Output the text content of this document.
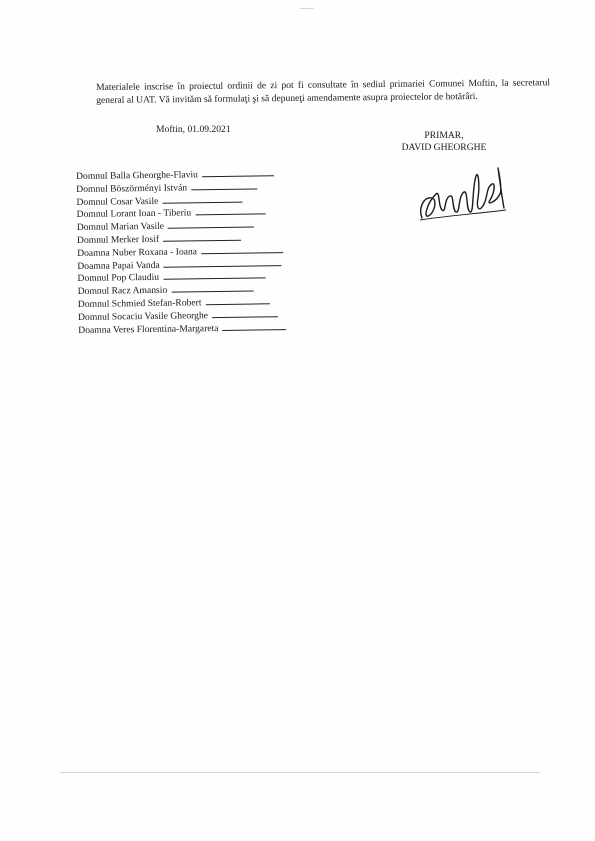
Materialele inscrise în proiectul ordinii de zi pot fi consultate în sediul primariei Comunei Moftin, la secretarul general al UAT. Vă invităm să formulaţi şi să depuneţi amendamente asupra proiectelor de hotărâri.
Moftin, 01.09.2021
PRIMAR,
DAVID GHEORGHE
Domnul Balla Gheorghe-Flaviu
Domnul Böszörményi István
Domnul Cosar Vasile
Domnul Lorant Ioan - Tiberiu
Domnul Marian Vasile
Domnul Merker Iosif
Doamna Nuber Roxana - Ioana
Doamna Papai Vanda
Domnul Pop Claudiu
Domnul Racz Amansio
Domnul Schmied Stefan-Robert
Domnul Socaciu Vasile Gheorghe
Doamna Veres Florentina-Margareta
